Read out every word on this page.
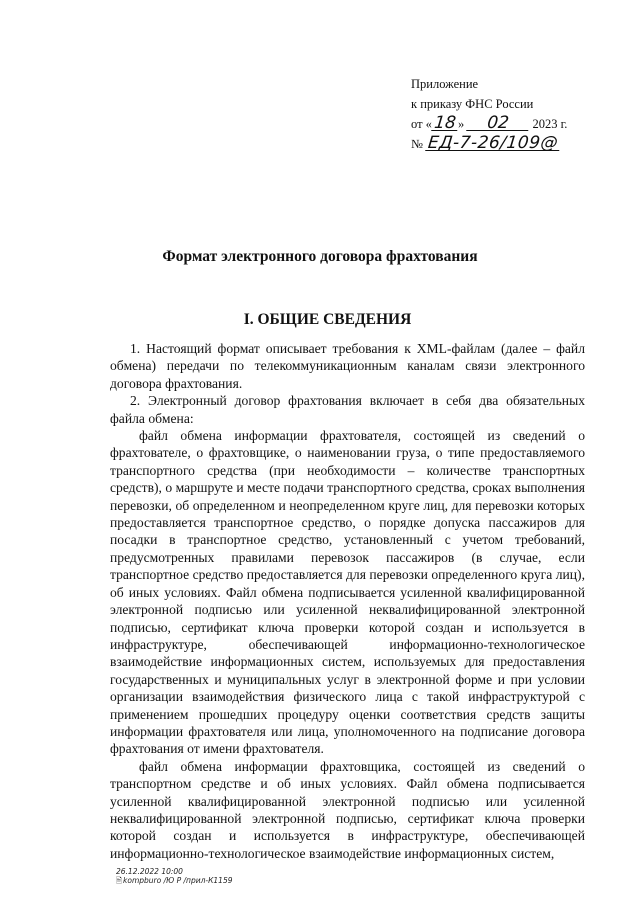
Приложение
к приказу ФНС России
от «18» 02 2023 г.
№ ЕД-7-26/109@
Формат электронного договора фрахтования
I. ОБЩИЕ СВЕДЕНИЯ

1. Настоящий формат описывает требования к XML-файлам (далее – файл обмена) передачи по телекоммуникационным каналам связи электронного договора фрахтования.

2. Электронный договор фрахтования включает в себя два обязательных файла обмена:

файл обмена информации фрахтователя, состоящей из сведений о фрахтователе, о фрахтовщике, о наименовании груза, о типе предоставляемого транспортного средства (при необходимости – количестве транспортных средств), о маршруте и месте подачи транспортного средства, сроках выполнения перевозки, об определенном и неопределенном круге лиц, для перевозки которых предоставляется транспортное средство, о порядке допуска пассажиров для посадки в транспортное средство, установленный с учетом требований, предусмотренных правилами перевозок пассажиров (в случае, если транспортное средство предоставляется для перевозки определенного круга лиц), об иных условиях. Файл обмена подписывается усиленной квалифицированной электронной подписью или усиленной неквалифицированной электронной подписью, сертификат ключа проверки которой создан и используется в инфраструктуре, обеспечивающей информационно-технологическое взаимодействие информационных систем, используемых для предоставления государственных и муниципальных услуг в электронной форме и при условии организации взаимодействия физического лица с такой инфраструктурой с применением прошедших процедуру оценки соответствия средств защиты информации фрахтователя или лица, уполномоченного на подписание договора фрахтования от имени фрахтователя.

файл обмена информации фрахтовщика, состоящей из сведений о транспортном средстве и об иных условиях. Файл обмена подписывается усиленной квалифицированной электронной подписью или усиленной неквалифицированной электронной подписью, сертификат ключа проверки которой создан и используется в инфраструктуре, обеспечивающей информационно-технологическое взаимодействие информационных систем,

26.12.2022 10:00
🖹kompburo /Ю Р /прил-К1159
